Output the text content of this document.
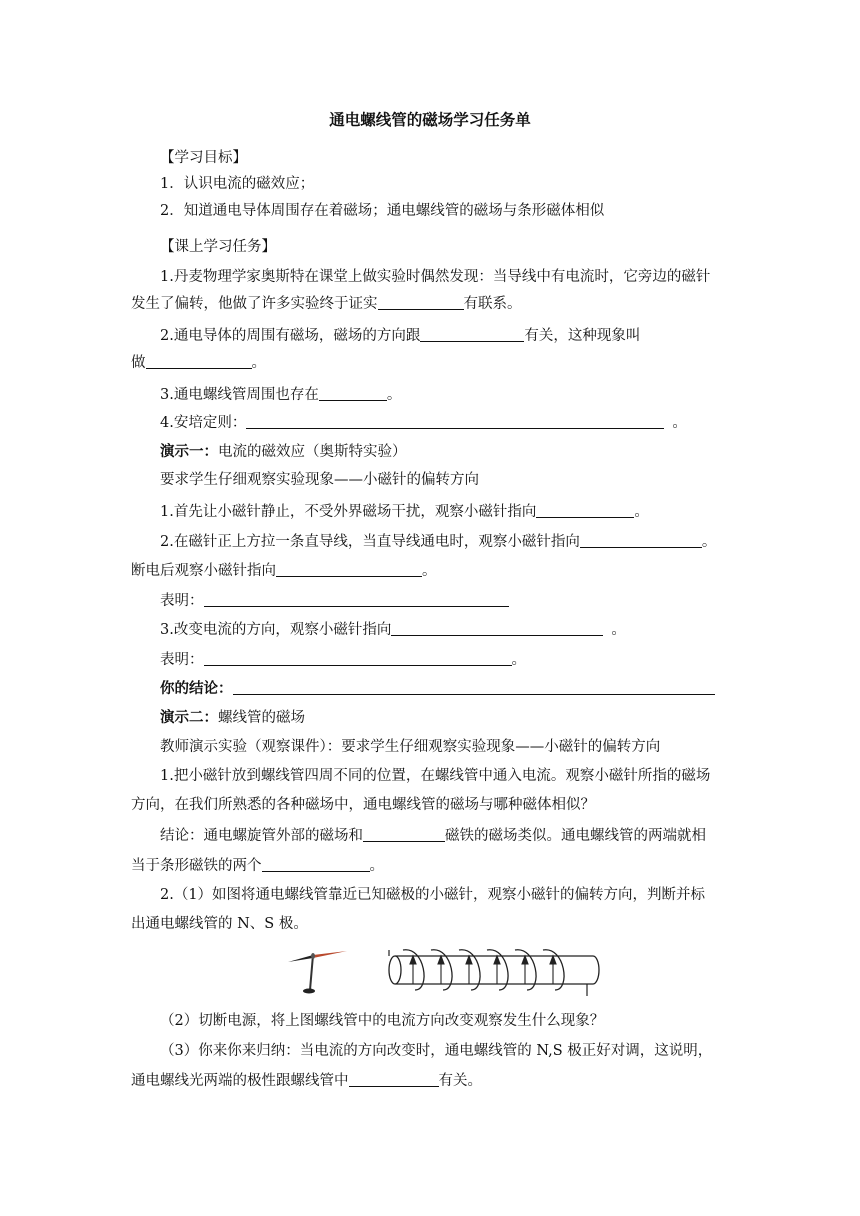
通电螺线管的磁场学习任务单
【学习目标】
1．认识电流的磁效应；
2．知道通电导体周围存在着磁场；通电螺线管的磁场与条形磁体相似
【课上学习任务】
1.丹麦物理学家奥斯特在课堂上做实验时偶然发现：当导线中有电流时，它旁边的磁针
发生了偏转，他做了许多实验终于证实	有联系。
2.通电导体的周围有磁场，磁场的方向跟	有关，这种现象叫
做	。
3.通电螺线管周围也存在	。
4.安培定则：	。
演示一：电流的磁效应（奥斯特实验）
要求学生仔细观察实验现象——小磁针的偏转方向
1.首先让小磁针静止，不受外界磁场干扰，观察小磁针指向	。
2.在磁针正上方拉一条直导线，当直导线通电时，观察小磁针指向	。
断电后观察小磁针指向	。
表明：
3.改变电流的方向，观察小磁针指向	。
表明：	。
你的结论：
演示二：螺线管的磁场
教师演示实验（观察课件）：要求学生仔细观察实验现象——小磁针的偏转方向
1.把小磁针放到螺线管四周不同的位置，在螺线管中通入电流。观察小磁针所指的磁场
方向，在我们所熟悉的各种磁场中，通电螺线管的磁场与哪种磁体相似？
结论：通电螺旋管外部的磁场和	磁铁的磁场类似。通电螺线管的两端就相
当于条形磁铁的两个	。
2.（1）如图将通电螺线管靠近已知磁极的小磁针，观察小磁针的偏转方向，判断并标
出通电螺线管的 N、S 极。
（2）切断电源，将上图螺线管中的电流方向改变观察发生什么现象？
（3）你来你来归纳：当电流的方向改变时，通电螺线管的 N,S 极正好对调，这说明，
通电螺线光两端的极性跟螺线管中	有关。
